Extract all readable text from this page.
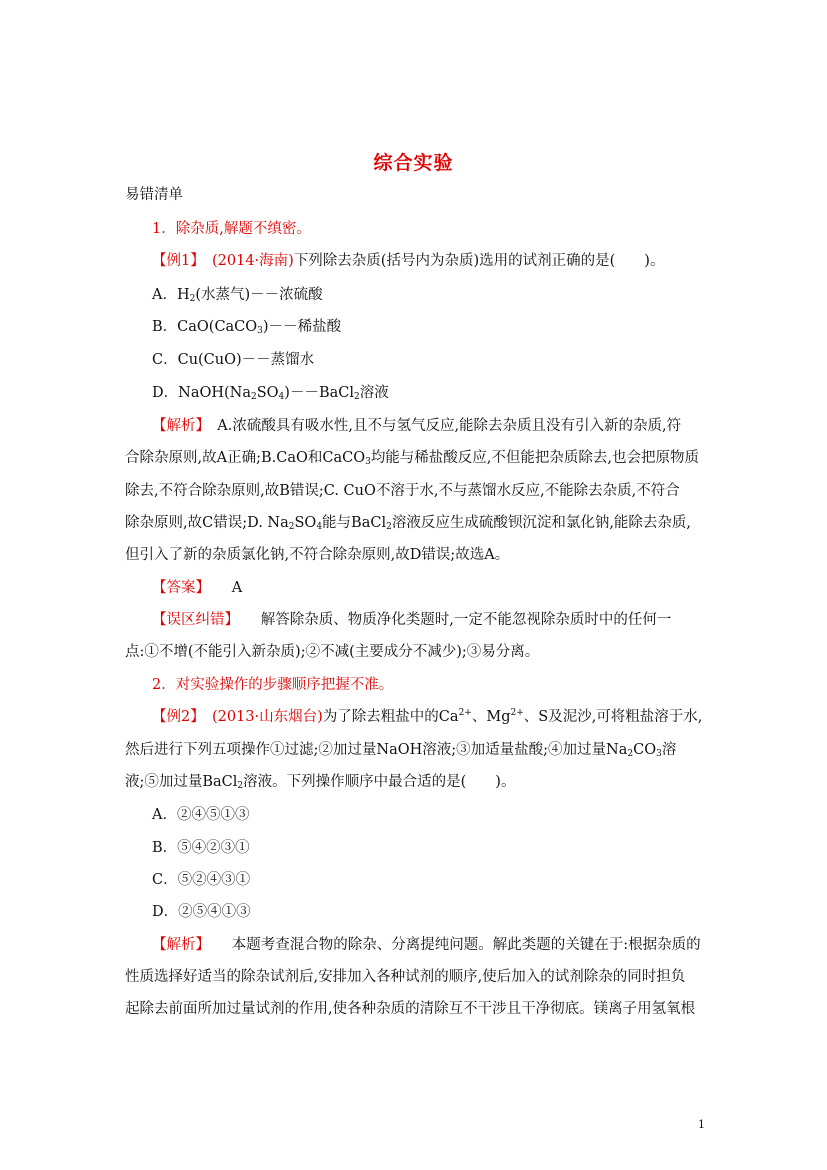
综合实验
易错清单
1．除杂质,解题不缜密。
【例1】　 (2014·海南)下列除去杂质(括号内为杂质)选用的试剂正确的是(　　)。
A．$H_2$(水蒸气)－－浓硫酸
B．CaO(CaCO$_3$)－－稀盐酸
C．Cu(CuO)－－蒸馏水
D．$NaOH(Na_2SO_4)--BaCl_2$溶液
【解析】　 A.浓硫酸具有吸水性,且不与氢气反应,能除去杂质且没有引入新的杂质,符
合除杂原则,故A正确;B.CaO和CaCO$_3$均能与稀盐酸反应,不但能把杂质除去,也会把原物质
除去,不符合除杂原则,故B错误;C. CuO不溶于水,不与蒸馏水反应,不能除去杂质,不符合
除杂原则,故C错误;D. $Na_2SO_4$能与BaCl$_2$溶液反应生成硫酸钡沉淀和氯化钠,能除去杂质,
但引入了新的杂质氯化钠,不符合除杂原则,故D错误;故选A。
【答案】　　 A
【误区纠错】　　 解答除杂质、物质净化类题时,一定不能忽视除杂质时中的任何一
点:①不增(不能引入新杂质);②不减(主要成分不减少);③易分离。
2．对实验操作的步骤顺序把握不准。
【例2】　 (2013·山东烟台)为了除去粗盐中的$Ca^{2+}$、$Mg^{2+}$、S及泥沙,可将粗盐溶于水,
然后进行下列五项操作①过滤;②加过量NaOH溶液;③加适量盐酸;④加过量$Na_2CO_3$溶
液;⑤加过量BaCl$_2$溶液。下列操作顺序中最合适的是(　　)。
A．②④⑤①③
B．⑤④②③①
C．⑤②④③①
D．②⑤④①③
【解析】　　 本题考查混合物的除杂、分离提纯问题。解此类题的关键在于:根据杂质的
性质选择好适当的除杂试剂后,安排加入各种试剂的顺序,使后加入的试剂除杂的同时担负
起除去前面所加过量试剂的作用,使各种杂质的清除互不干涉且干净彻底。镁离子用氢氧根
1
